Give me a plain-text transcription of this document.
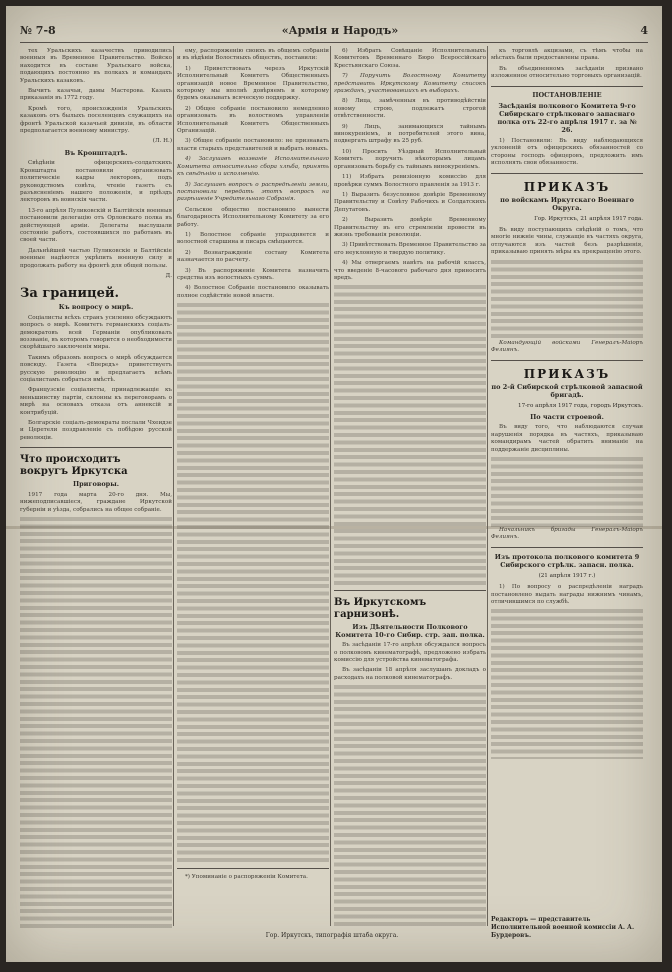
№ 7-8	«Армія и Народъ»	4

тех Уральскихъ казачествъ приводились военныя въ Временное Правительство. Войско находится въ составе Уральскаго войска, подающихъ постоянно въ полкахъ и командахъ Уральскихъ казаковъ.

Вычитъ казачьи, дамы Мастерова. Казахъ приказанія въ 1772 году.

Кромѣ того, происхожденія Уральскихъ казаковъ отъ былыхъ поселенцевъ служащихъ на фронтѣ Уральской казачьей дивизіи, въ области предполагается военному министру.

(Л. Н.)
Въ Кронштадтѣ.

Свѣдѣніи офицерскихъ-солдатскихъ Кронштадта постановили организовать политическіе кадры лекторовъ, подъ руководствомъ совѣта, чтеніе газетъ съ разъясненіемъ нашего положенія, и пріѣздъ лекторовъ въ воинскія части.

13-го апрѣля Пуликовскій и Балтійскія военныя постановили делегацію отъ Орловскаго полка въ действующей арміи. Делегаты выслушали состояніе работъ, состоявшихся по работамъ въ своей части.

Дальнѣйшей частью Пуликовскіе и Балтійскіе военные надѣются укрѣпить военную силу и продолжать работу на фронтѣ для общей пользы.

Д.
За границей.
Къ вопросу о мирѣ.

Соціалисты всѣхъ странъ усиленно обсуждаютъ вопросъ о мирѣ. Комитетъ германскихъ соціалъ-демократовъ всей Германіи опубликовалъ воззваніе, въ которомъ говорится о необходимости скорѣйшаго заключенія мира.

Такимъ образомъ вопросъ о мирѣ обсуждается повсюду. Газета «Впередъ» приветствуетъ русскую революцію и предлагаетъ всѣмъ соціалистамъ собраться вмѣстѣ.

Французскіе соціалисты, принадлежащіе къ меньшинству партіи, склонны къ переговорамъ о мирѣ на основахъ отказа отъ аннексій и контрибуцій.

Болгарскіе соціалъ-демократы послали Чхеидзе и Церетели поздравленіе съ побѣдою русской революціи.

Что происходитъ вокругъ Иркутска
Приговоры.

1917 года марта 20-го дня. Мы, нижеподписавшіеся, граждане Иркутской губерніи и уѣзда, собрались на общее собраніе.

ему, распоряженію своихъ въ общемъ собраніи и въ вѣдѣніи Волостныхъ обществъ, поставили:

1) Приветствовать черезъ Иркутскій Исполнительный Комитетъ Общественныхъ организацій новое Временное Правительство, которому мы вполнѣ довѣряемъ и которому будемъ оказывать всяческую поддержку.

2) Общее собраніе постановило немедленно организовать въ волостномъ управленіи Исполнительный Комитетъ Общественныхъ Организацій.

3) Общее собраніе постановило: не признавать власти старыхъ представителей и выбрать новыхъ.

4) Заслушавъ воззваніе Исполнительнаго Комитета относительно сбора хлѣба, принять къ свѣдѣнію и исполненію.

5) Заслушавъ вопросъ о распредѣленіи земли, постановили передать этотъ вопросъ на разрѣшеніе Учредительнаго Собранія.

Сельское общество постановило вынести благодарность Исполнительному Комитету за его работу.

1) Волостное собраніе упраздняется и волостной старшина и писарь смѣщаются.

2) Вознагражденіе составу Комитета назначается по расчету.

3) Въ распоряженіе Комитета назначить средства изъ волостныхъ суммъ.

4) Волостное Собраніе постановило оказывать полное содѣйствіе новой власти.

*) Упоминаніе о распоряженіи Комитета.

6) Избрать Совѣщаніе Исполнительныхъ Комитетовъ Временнаго Бюро Всероссійскаго Крестьянскаго Союза.

7) Поручить Волостному Комитету представить Иркутскому Комитету списокъ гражданъ, участвовавшихъ въ выборахъ.

8) Лица, замѣченныя въ противодѣйствіи новому строю, подлежатъ строгой отвѣтственности.

9) Лицъ, занимающихся тайнымъ винокуреніемъ, и потребителей этого вина, подвергать штрафу въ 25 руб.

10) Просить Уѣздный Исполнительный Комитетъ поручить нѣкоторымъ лицамъ организовать борьбу съ тайнымъ винокуреніемъ.

11) Избрать ревизіонную комиссію для провѣрки суммъ Волостного правленія за 1913 г.

1) Выразить безусловное довѣріе Временному Правительству и Совѣту Рабочихъ и Солдатскихъ Депутатовъ.

2) Выразить довѣріе Временному Правительству въ его стремленіи провести въ жизнь требованія революціи.

3) Привѣтствовать Временное Правительство за его неуклонную и твердую политику.

4) Мы отвергаемъ навѣтъ на рабочій классъ, что введеніе 8-часового рабочаго дня приноситъ вредъ.

Въ Иркутскомъ гарнизонѣ.
Изъ Дѣятельности Полкового Комитета 10-го Сибир. стр. зап. полка.

Въ засѣданіи 17-го апрѣля обсуждался вопросъ о полковомъ кинематографѣ, предложено избрать комиссію для устройства кинематографа.

Въ засѣданіи 18 апрѣля заслушанъ докладъ о расходахъ на полковой кинематографъ.

къ торговлѣ акцизами, съ тѣмъ чтобы на мѣстахъ были предоставлены права.

Въ объединенномъ засѣданіи призвано изложенное относительно торговыхъ организацій.

ПОСТАНОВЛЕНІЕ
Засѣданія полкового Комитета 9-го Сибирскаго стрѣлковаго запаснаго полка отъ 22-го апрѣля 1917 г. за № 26.

1) Постановили: Въ виду наблюдающихся уклоненій отъ офицерскихъ обязанностей со стороны господъ офицеровъ, предложить имъ исполнять свои обязанности.

ПРИКАЗЪ
по войскамъ Иркутскаго Военнаго Округа.
Гор. Иркутскъ, 21 апрѣля 1917 года.

Въ виду поступающихъ свѣдѣній о томъ, что многіе нижніе чины, служащіе въ частяхъ округа, отлучаются изъ частей безъ разрѣшенія, приказываю принять мѣры къ прекращенію этого.

Командующій войсками Генералъ-Маіоръ Фелиянъ.

ПРИКАЗЪ
по 2-й Сибирской стрѣлковой запасной бригадѣ.
17-го апрѣля 1917 года, городъ Иркутскъ.
По части строевой.

Въ виду того, что наблюдаются случаи нарушенія порядка въ частяхъ, приказываю командирамъ частей обратить вниманіе на поддержаніе дисциплины.

Начальникъ бригады Генералъ-Маіоръ Фелиянъ.

Изъ протокола полкового комитета 9 Сибирского стрѣлк. запасн. полка.
(21 апрѣля 1917 г.)

1) По вопросу о распредѣленіи наградъ постановлено выдать награды нижнимъ чинамъ, отличившимся по службѣ.

Редакторъ — представитель Исполнительной военной комиссіи А. А. Бурдеровъ.
Гор. Иркутскъ, типографія штаба округа.
